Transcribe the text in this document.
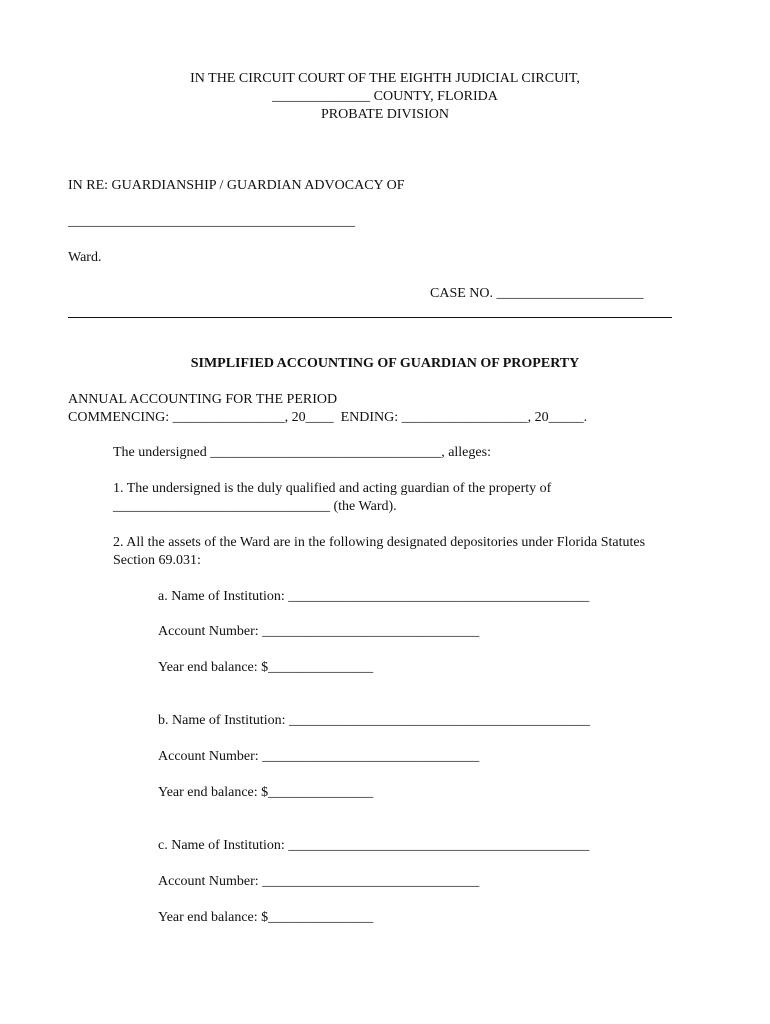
IN THE CIRCUIT COURT OF THE EIGHTH JUDICIAL CIRCUIT,
______________ COUNTY, FLORIDA
PROBATE DIVISION
IN RE: GUARDIANSHIP / GUARDIAN ADVOCACY OF
_________________________________________
Ward.
CASE NO. _____________________
SIMPLIFIED ACCOUNTING OF GUARDIAN OF PROPERTY
ANNUAL ACCOUNTING FOR THE PERIOD
COMMENCING: ________________, 20____  ENDING: __________________, 20_____.
The undersigned _________________________________, alleges:
1. The undersigned is the duly qualified and acting guardian of the property of
_______________________________ (the Ward).
2. All the assets of the Ward are in the following designated depositories under Florida Statutes
Section 69.031:
a. Name of Institution: ___________________________________________
Account Number: _______________________________
Year end balance: $_______________
b. Name of Institution: ___________________________________________
Account Number: _______________________________
Year end balance: $_______________
c. Name of Institution: ___________________________________________
Account Number: _______________________________
Year end balance: $_______________
